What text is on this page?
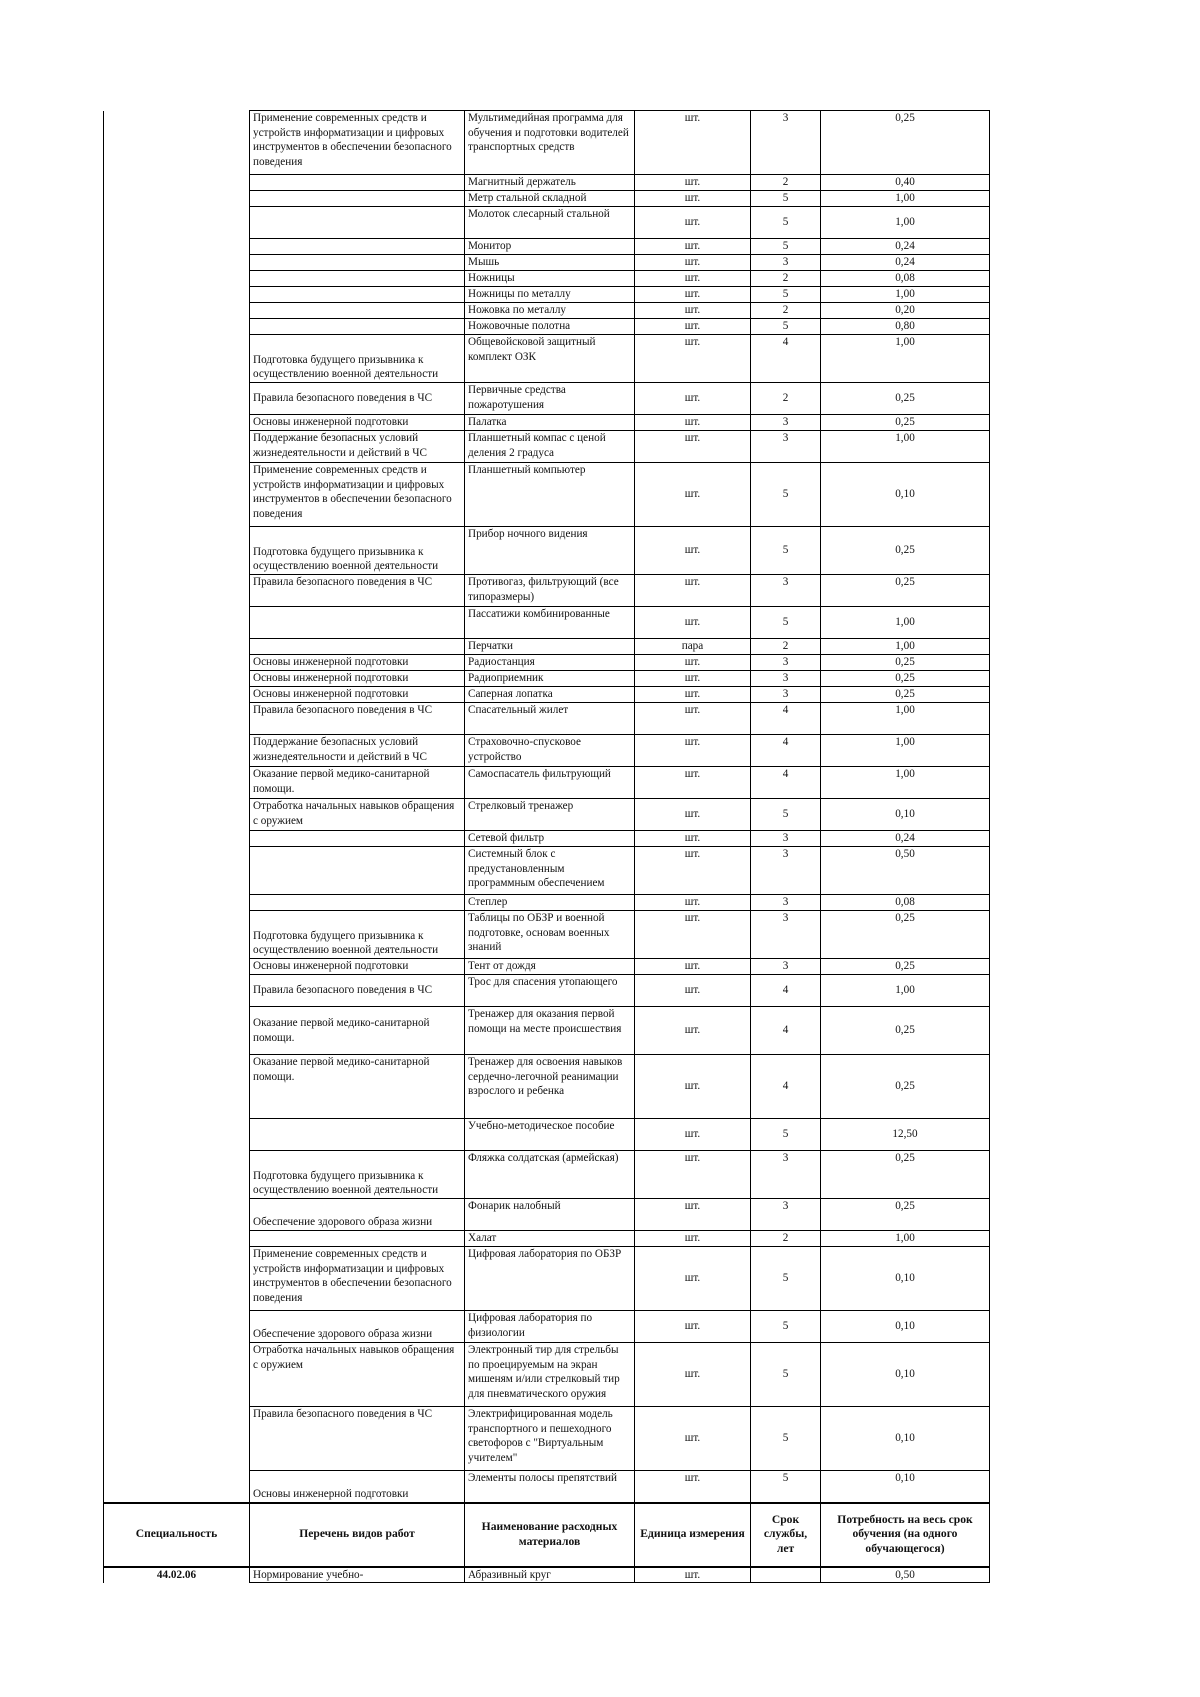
	Применение современных средств и устройств информатизации и цифровых инструментов в обеспечении безопасного поведения	Мультимедийная программа для обучения и подготовки водителей транспортных средств	шт.	3	0,25
		Магнитный держатель	шт.	2	0,40
		Метр стальной складной	шт.	5	1,00
		Молоток слесарный стальной	шт.	5	1,00
		Монитор	шт.	5	0,24
		Мышь	шт.	3	0,24
		Ножницы	шт.	2	0,08
		Ножницы по металлу	шт.	5	1,00
		Ножовка по металлу	шт.	2	0,20
		Ножовочные полотна	шт.	5	0,80
	Подготовка будущего призывника к осуществлению военной деятельности	Общевойсковой защитный комплект ОЗК	шт.	4	1,00
	Правила безопасного поведения в ЧС	Первичные средства пожаротушения	шт.	2	0,25
	Основы инженерной подготовки	Палатка	шт.	3	0,25
	Поддержание безопасных условий жизнедеятельности и действий в ЧС	Планшетный компас с ценой деления 2 градуса	шт.	3	1,00
	Применение современных средств и устройств информатизации и цифровых инструментов в обеспечении безопасного поведения	Планшетный компьютер	шт.	5	0,10
	Подготовка будущего призывника к осуществлению военной деятельности	Прибор ночного видения	шт.	5	0,25
	Правила безопасного поведения в ЧС	Противогаз, фильтрующий (все типоразмеры)	шт.	3	0,25
		Пассатижи комбинированные	шт.	5	1,00
		Перчатки	пара	2	1,00
	Основы инженерной подготовки	Радиостанция	шт.	3	0,25
	Основы инженерной подготовки	Радиоприемник	шт.	3	0,25
	Основы инженерной подготовки	Саперная лопатка	шт.	3	0,25
	Правила безопасного поведения в ЧС	Спасательный жилет	шт.	4	1,00
	Поддержание безопасных условий жизнедеятельности и действий в ЧС	Страховочно-спусковое устройство	шт.	4	1,00
	Оказание первой медико-санитарной помощи.	Самоспасатель фильтрующий	шт.	4	1,00
	Отработка начальных навыков обращения с оружием	Стрелковый тренажер	шт.	5	0,10
		Сетевой фильтр	шт.	3	0,24
		Системный блок с предустановленным программным обеспечением	шт.	3	0,50
		Степлер	шт.	3	0,08
	Подготовка будущего призывника к осуществлению военной деятельности	Таблицы по ОБЗР и военной подготовке, основам военных знаний	шт.	3	0,25
	Основы инженерной подготовки	Тент от дождя	шт.	3	0,25
	Правила безопасного поведения в ЧС	Трос для спасения утопающего	шт.	4	1,00
	Оказание первой медико-санитарной помощи.	Тренажер для оказания первой помощи на месте происшествия	шт.	4	0,25
	Оказание первой медико-санитарной помощи.	Тренажер для освоения навыков сердечно-легочной реанимации взрослого и ребенка	шт.	4	0,25
		Учебно-методическое пособие	шт.	5	12,50
	Подготовка будущего призывника к осуществлению военной деятельности	Фляжка солдатская (армейская)	шт.	3	0,25
	Обеспечение здорового образа жизни	Фонарик налобный	шт.	3	0,25
		Халат	шт.	2	1,00
	Применение современных средств и устройств информатизации и цифровых инструментов в обеспечении безопасного поведения	Цифровая лаборатория по ОБЗР	шт.	5	0,10
	Обеспечение здорового образа жизни	Цифровая лаборатория по физиологии	шт.	5	0,10
	Отработка начальных навыков обращения с оружием	Электронный тир для стрельбы по проецируемым на экран мишеням и/или стрелковый тир для пневматического оружия	шт.	5	0,10
	Правила безопасного поведения в ЧС	Электрифицированная модель транспортного и пешеходного светофоров с "Виртуальным учителем"	шт.	5	0,10
	Основы инженерной подготовки	Элементы полосы препятствий	шт.	5	0,10
Специальность	Перечень видов работ	Наименование расходных материалов	Единица измерения	Срок службы, лет	Потребность на весь срок обучения (на одного обучающегося)
44.02.06	Нормирование учебно-	Абразивный круг	шт.		0,50
